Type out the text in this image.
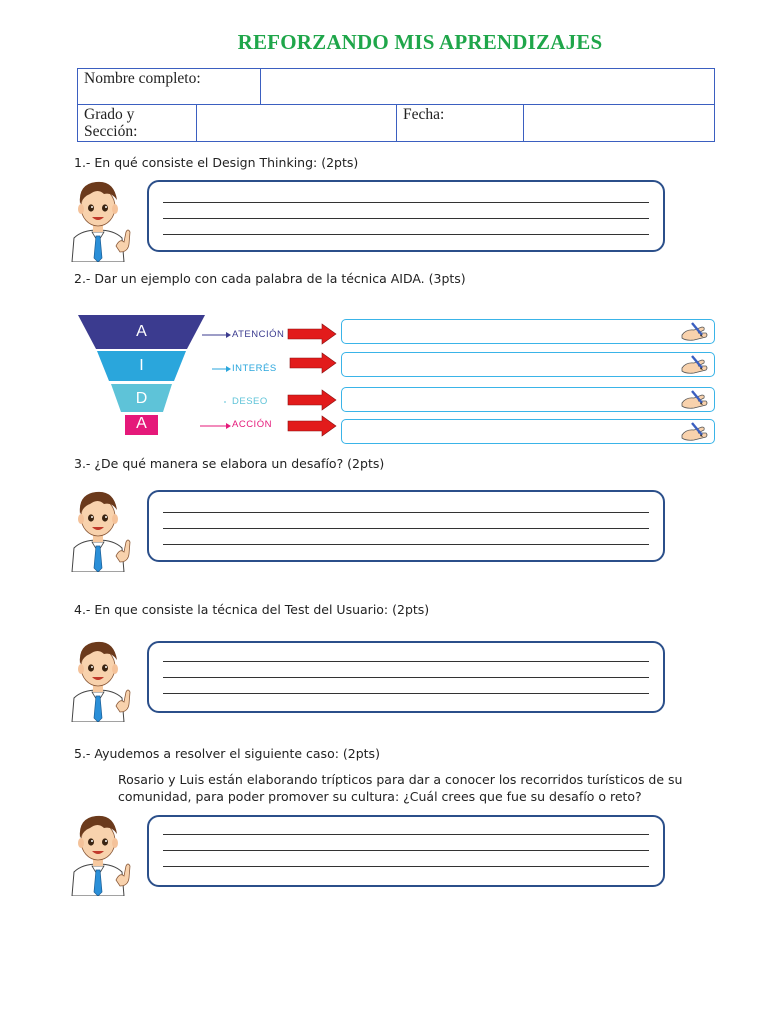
REFORZANDO MIS APRENDIZAJES
Nombre completo:
Grado y Sección:
Fecha:
1.- En qué consiste el Design Thinking: (2pts)
2.- Dar un ejemplo con cada palabra de la técnica AIDA. (3pts)
A
I
D
A
ATENCIÓN
INTERÉS
DESEO
ACCIÓN
3.- ¿De qué manera se elabora un desafío? (2pts)
4.- En que consiste la técnica del Test del Usuario: (2pts)
5.- Ayudemos a resolver el siguiente caso: (2pts)
Rosario y Luis están elaborando trípticos para dar a conocer los recorridos turísticos de su comunidad, para poder promover su cultura: ¿Cuál crees que fue su desafío o reto?
